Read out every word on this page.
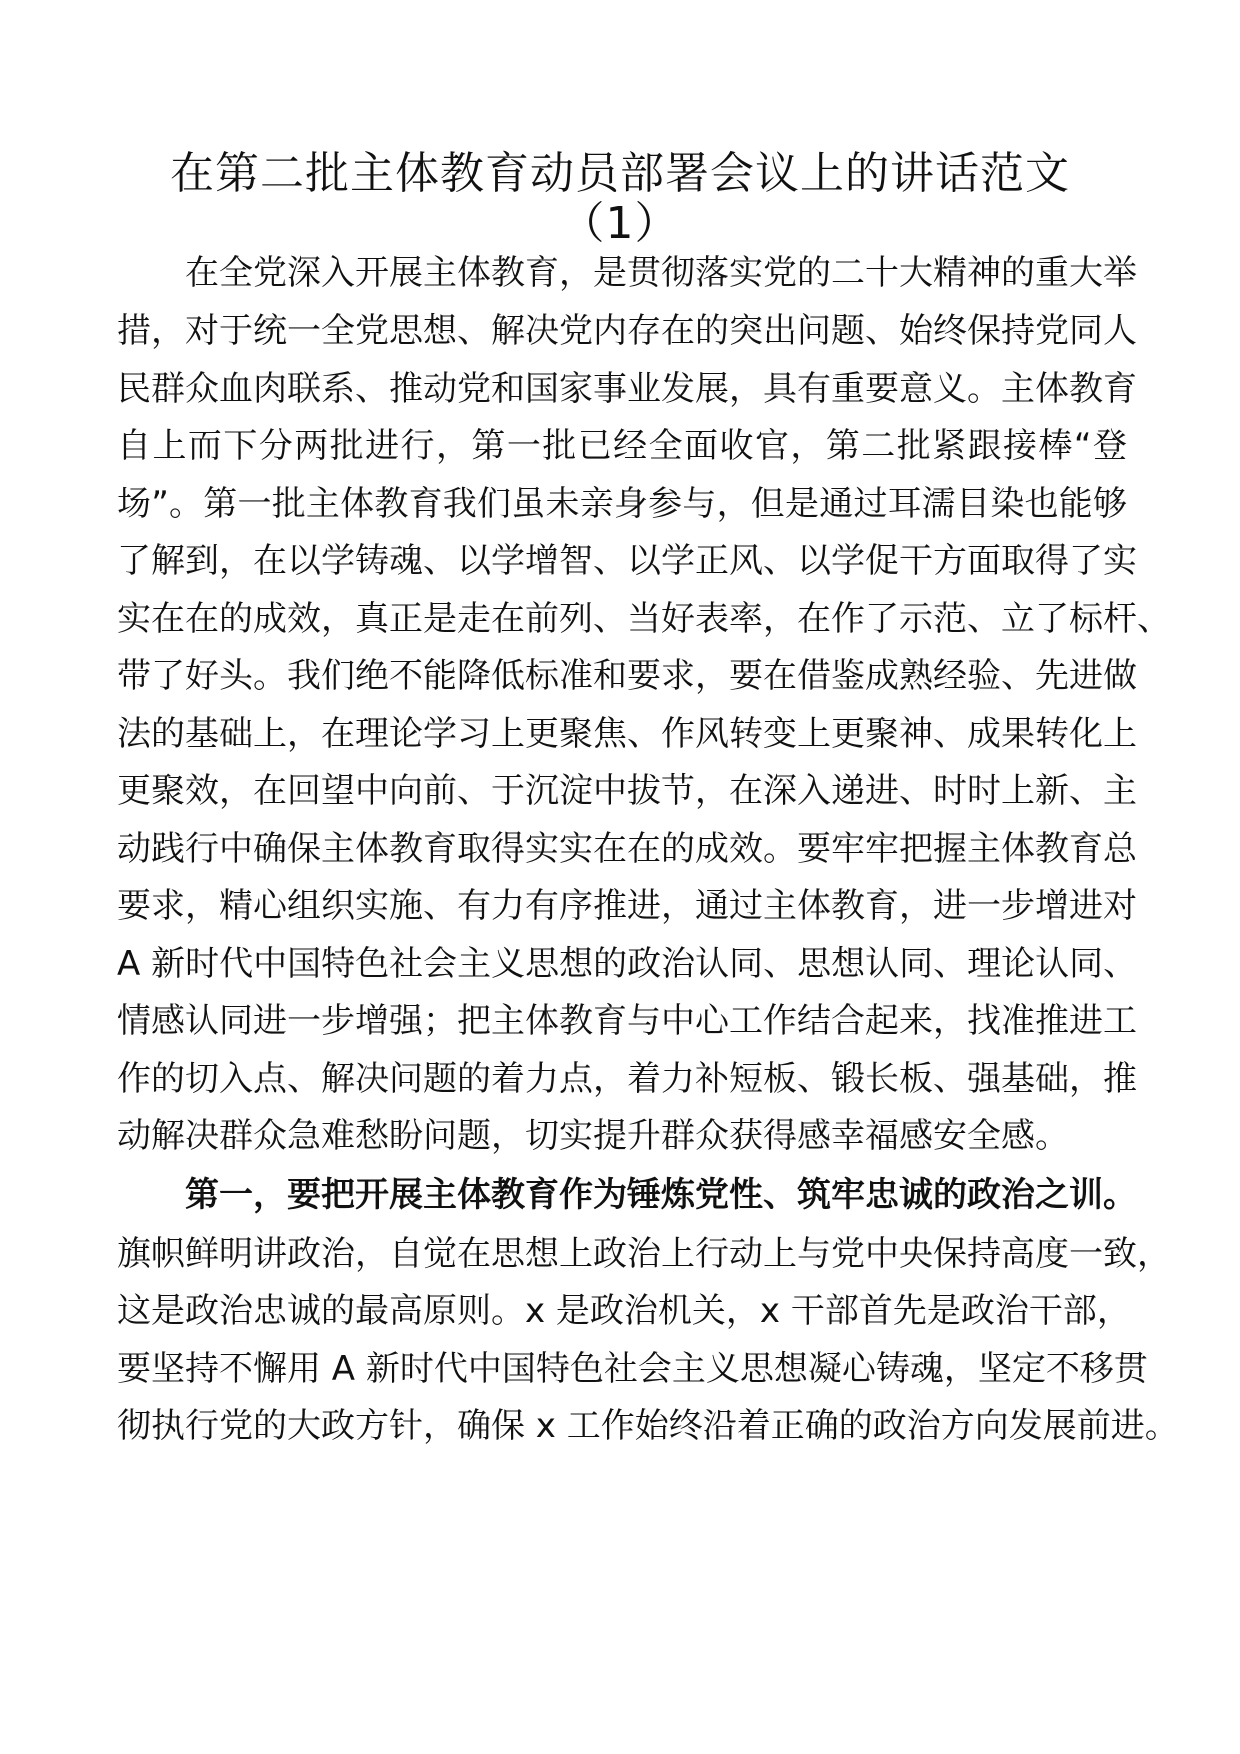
在第二批主体教育动员部署会议上的讲话范文
（1）

在全党深入开展主体教育，是贯彻落实党的二十大精神的重大举

措，对于统一全党思想、解决党内存在的突出问题、始终保持党同人

民群众血肉联系、推动党和国家事业发展，具有重要意义。主体教育

自上而下分两批进行，第一批已经全面收官，第二批紧跟接棒“登

场”。第一批主体教育我们虽未亲身参与，但是通过耳濡目染也能够

了解到，在以学铸魂、以学增智、以学正风、以学促干方面取得了实

实在在的成效，真正是走在前列、当好表率，在作了示范、立了标杆、

带了好头。我们绝不能降低标准和要求，要在借鉴成熟经验、先进做

法的基础上，在理论学习上更聚焦、作风转变上更聚神、成果转化上

更聚效，在回望中向前、于沉淀中拔节，在深入递进、时时上新、主

动践行中确保主体教育取得实实在在的成效。要牢牢把握主体教育总

要求，精心组织实施、有力有序推进，通过主体教育，进一步增进对

A 新时代中国特色社会主义思想的政治认同、思想认同、理论认同、

情感认同进一步增强；把主体教育与中心工作结合起来，找准推进工

作的切入点、解决问题的着力点，着力补短板、锻长板、强基础，推

动解决群众急难愁盼问题，切实提升群众获得感幸福感安全感。

第一，要把开展主体教育作为锤炼党性、筑牢忠诚的政治之训。

旗帜鲜明讲政治，自觉在思想上政治上行动上与党中央保持高度一致，

这是政治忠诚的最高原则。x 是政治机关，x 干部首先是政治干部，

要坚持不懈用 A 新时代中国特色社会主义思想凝心铸魂，坚定不移贯

彻执行党的大政方针，确保 x 工作始终沿着正确的政治方向发展前进。
